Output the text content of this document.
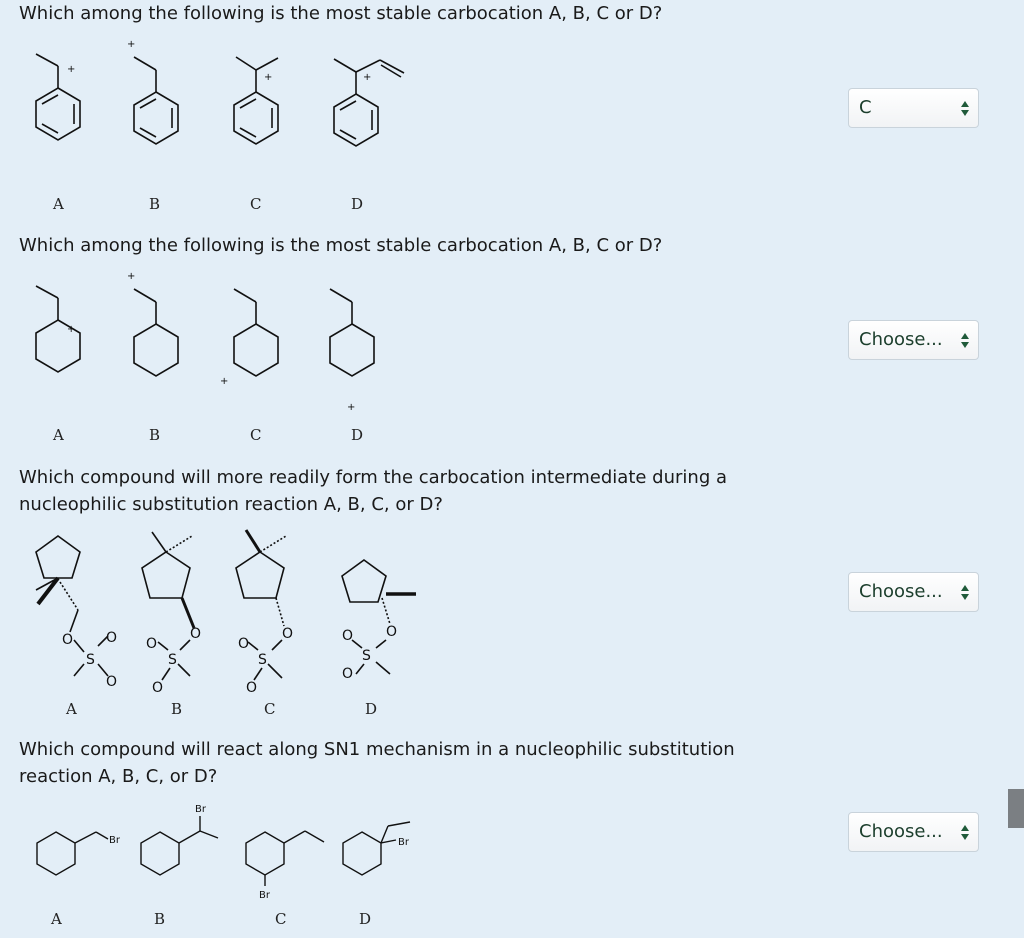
Which among the following is the most stable carbocation A, B, C or D?
+
A
+
B
+
C
+
D
C
Which among the following is the most stable carbocation A, B, C or D?
+
A
+
B
+
C
+
D
Choose...
Which compound will more readily form the carbocation intermediate during a
nucleophilic substitution reaction A, B, C, or D?
O
S
O
O
A
O
S
O
O
B
O
S
O
O
C
O
S
O
O
D
Choose...
Which compound will react along SN1 mechanism in a nucleophilic substitution
reaction A, B, C, or D?
Br
A
Br
B
Br
C
Br
D
Choose...
